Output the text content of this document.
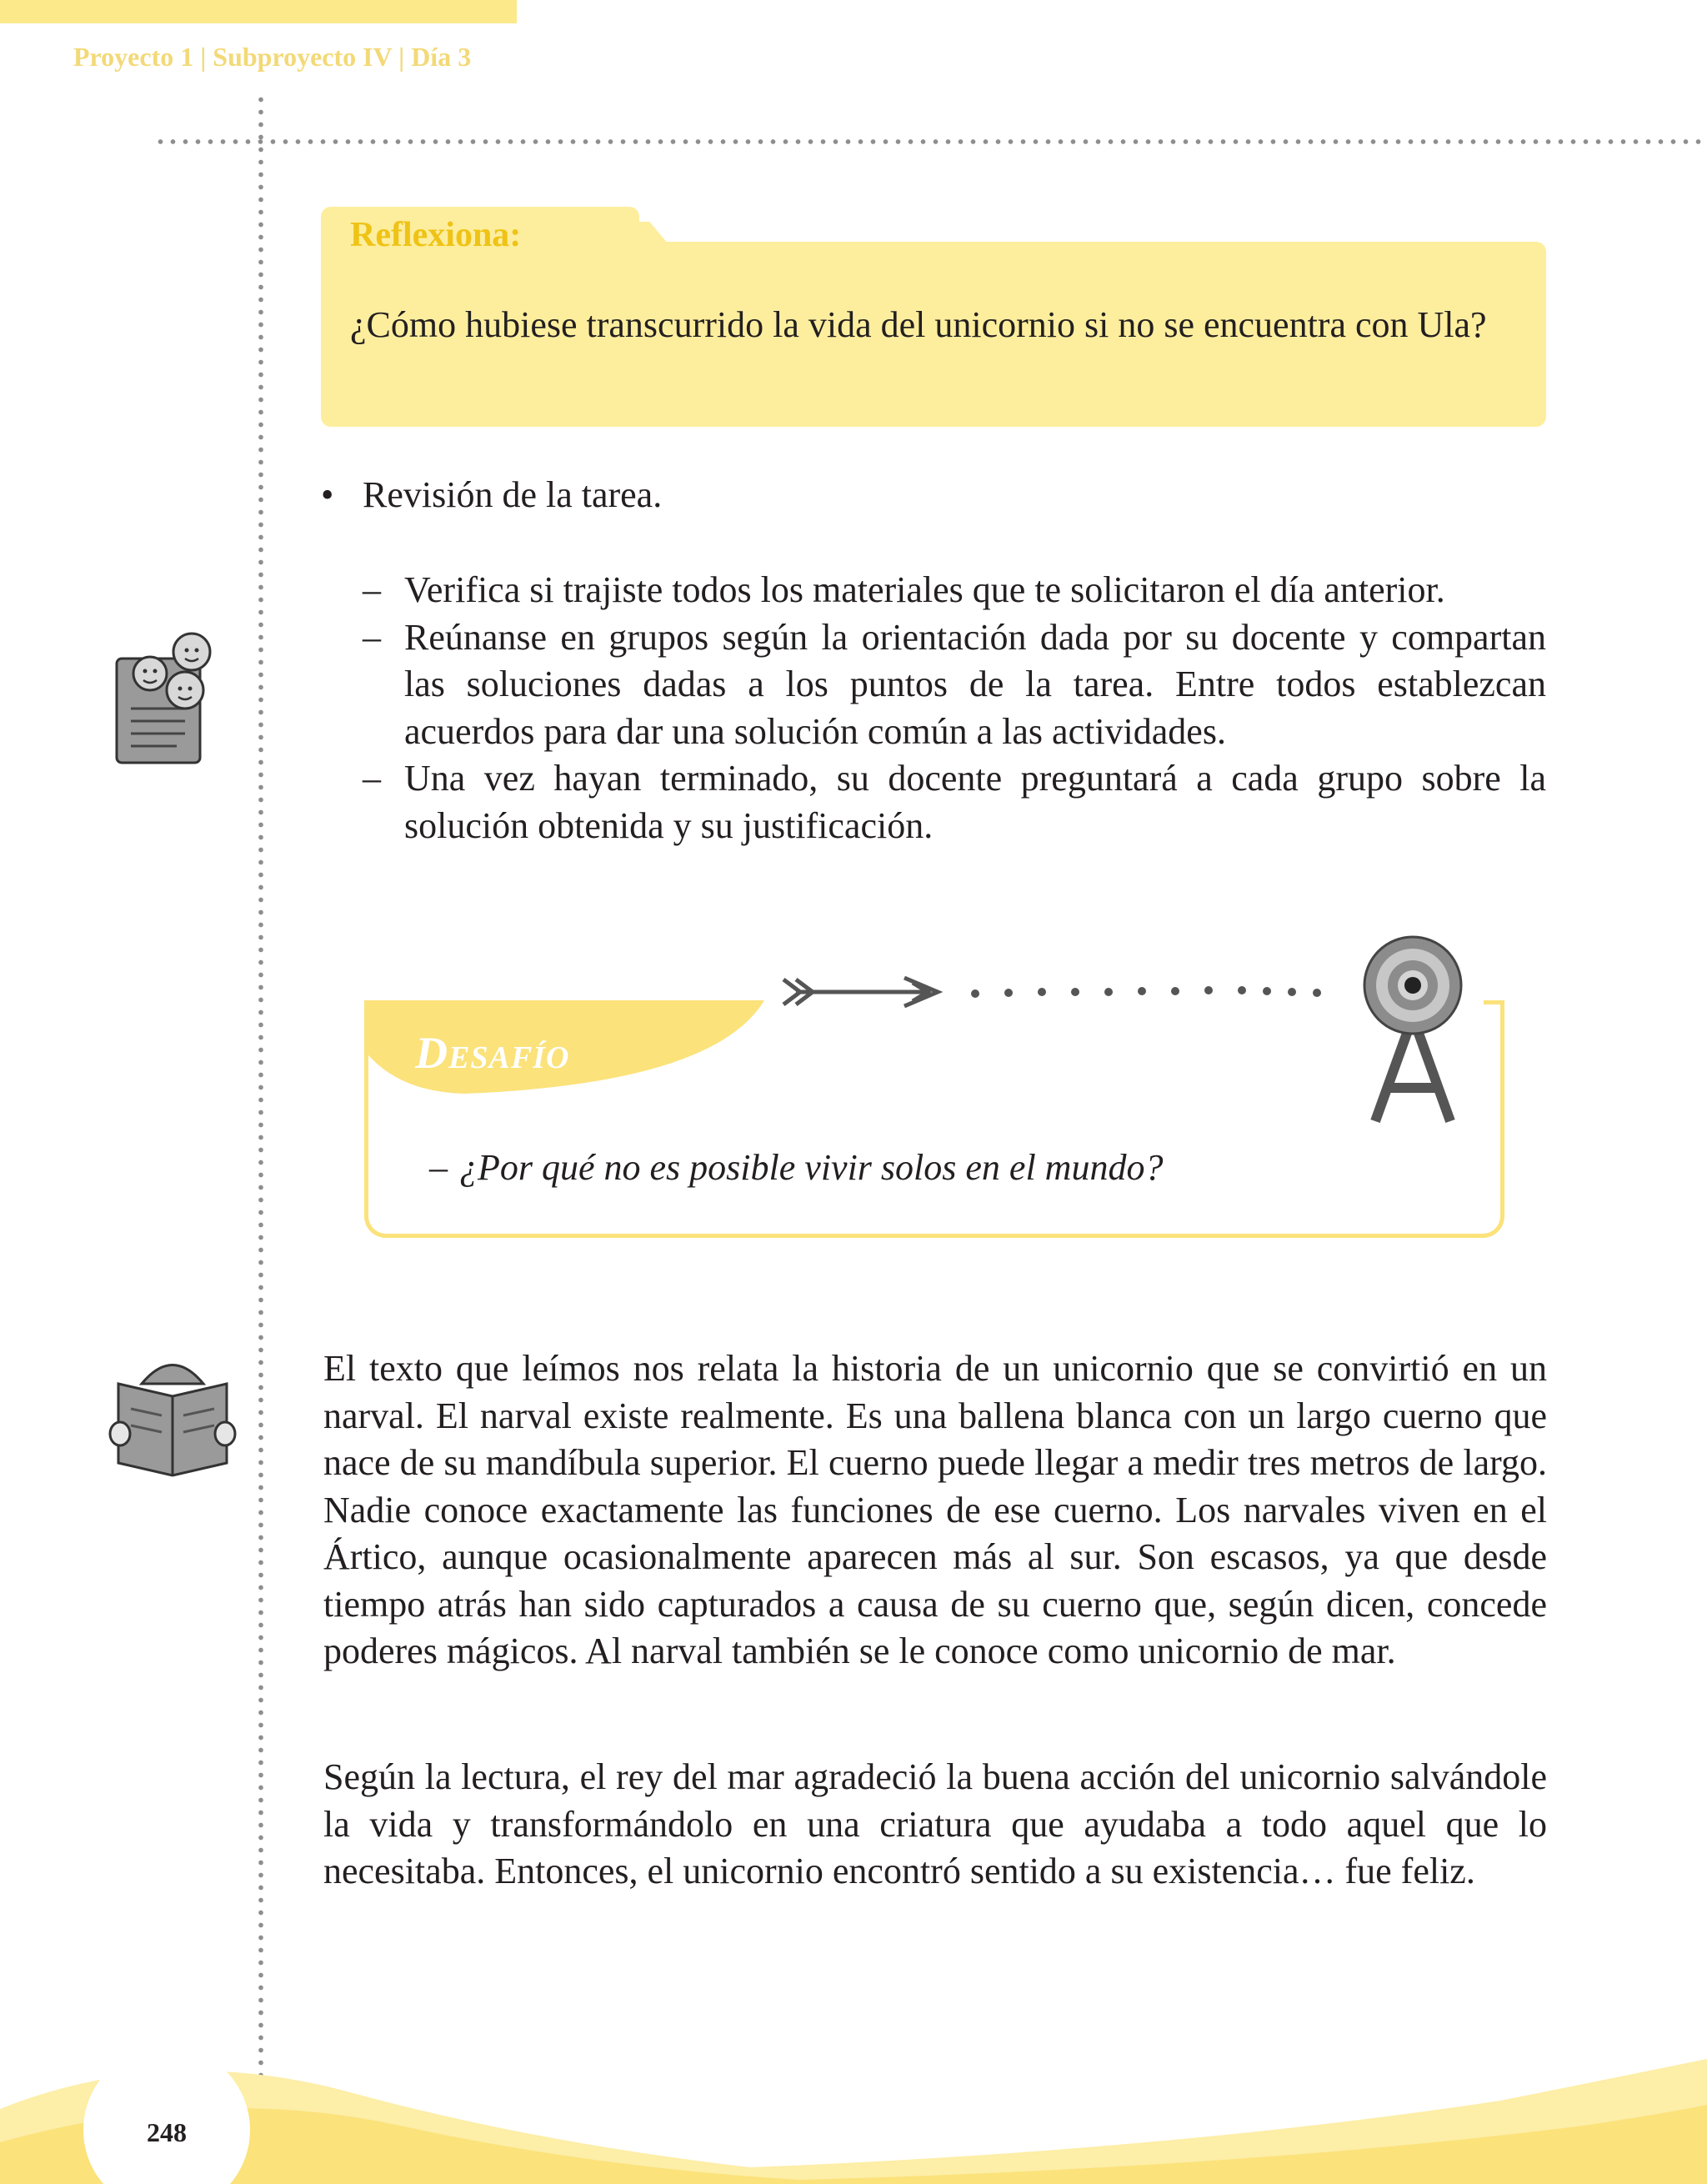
Proyecto 1 | Subproyecto IV | Día 3
Reflexiona:
¿Cómo hubiese transcurrido la vida del unicornio si no se encuentra con Ula?
• Revisión de la tarea.
– Verifica si trajiste todos los materiales que te solicitaron el día anterior.
– Reúnanse en grupos según la orientación dada por su docente y compartan las soluciones dadas a los puntos de la tarea. Entre todos establezcan acuerdos para dar una solución común a las actividades.
– Una vez hayan terminado, su docente preguntará a cada grupo sobre la solución obtenida y su justificación.
Desafío
– ¿Por qué no es posible vivir solos en el mundo?
El texto que leímos nos relata la historia de un unicornio que se convirtió en un narval. El narval existe realmente. Es una ballena blanca con un largo cuerno que nace de su mandíbula superior. El cuerno puede llegar a medir tres metros de largo. Nadie conoce exactamente las funciones de ese cuerno. Los narvales viven en el Ártico, aunque ocasionalmente aparecen más al sur. Son escasos, ya que desde tiempo atrás han sido capturados a causa de su cuerno que, según dicen, concede poderes mágicos. Al narval también se le conoce como unicornio de mar.
Según la lectura, el rey del mar agradeció la buena acción del unicornio salvándole la vida y transformándolo en una criatura que ayudaba a todo aquel que lo necesitaba. Entonces, el unicornio encontró sentido a su existencia… fue feliz.
248
